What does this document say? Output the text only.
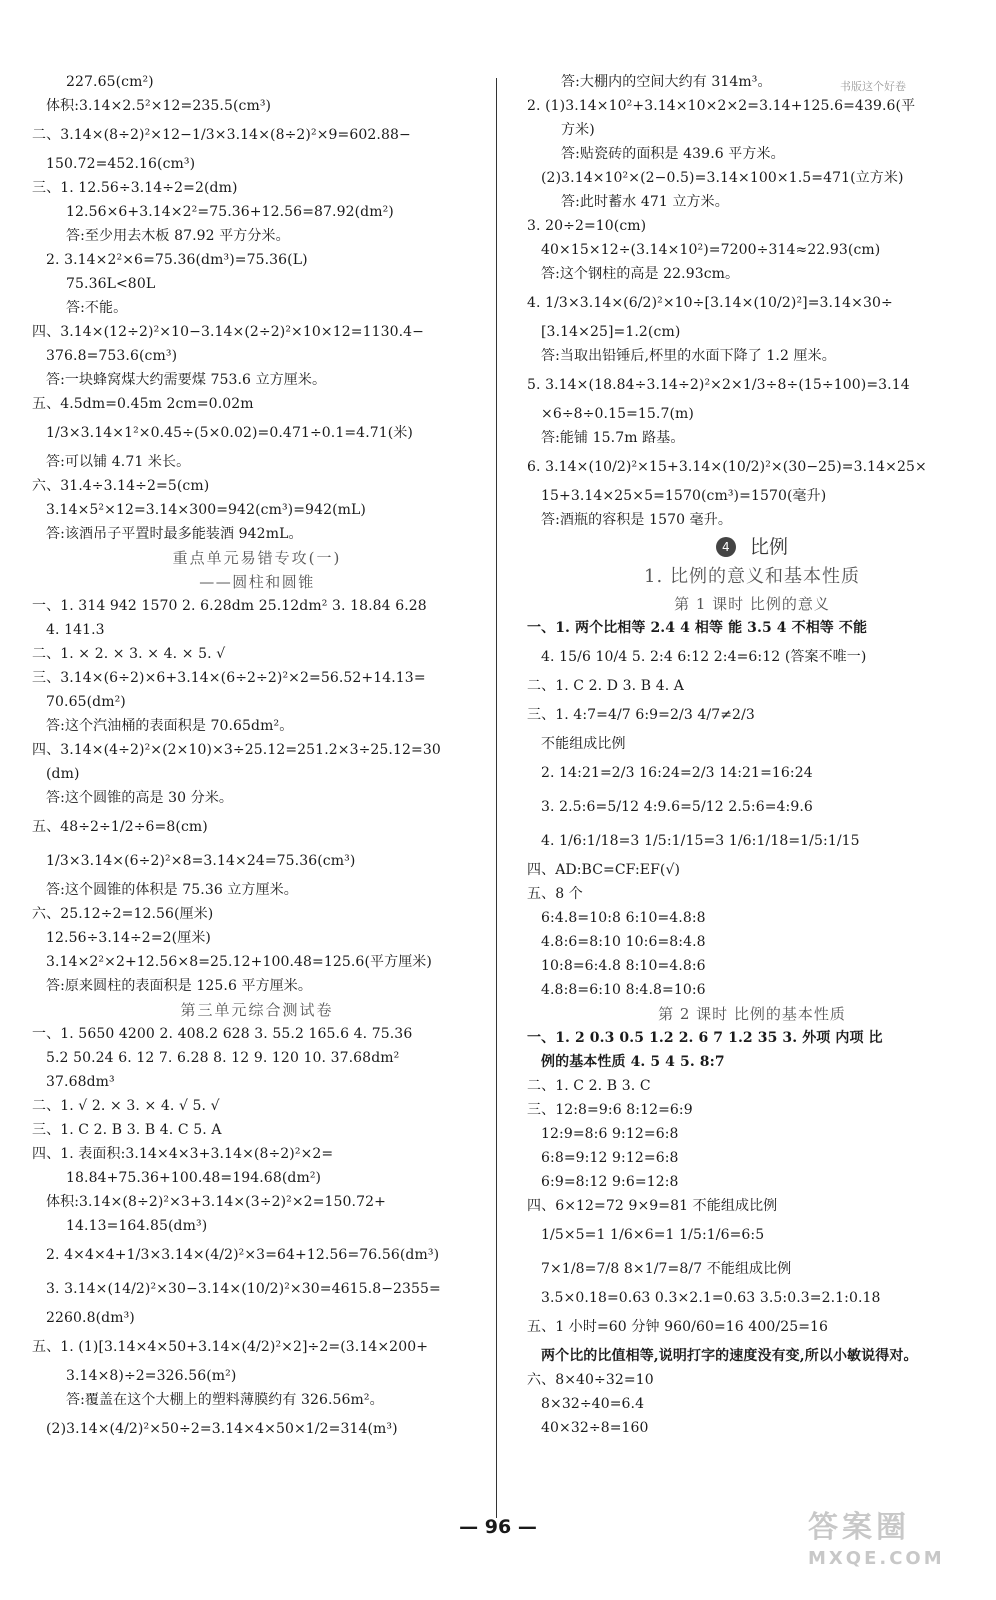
书版这个好卷
227.65(cm²)
体积:3.14×2.5²×12=235.5(cm³)
二、3.14×(8÷2)²×12−1/3×3.14×(8÷2)²×9=602.88−
150.72=452.16(cm³)
三、1. 12.56÷3.14÷2=2(dm)
12.56×6+3.14×2²=75.36+12.56=87.92(dm²)
答:至少用去木板 87.92 平方分米。
2. 3.14×2²×6=75.36(dm³)=75.36(L)
75.36L<80L
答:不能。
四、3.14×(12÷2)²×10−3.14×(2÷2)²×10×12=1130.4−
376.8=753.6(cm³)
答:一块蜂窝煤大约需要煤 753.6 立方厘米。
五、4.5dm=0.45m 2cm=0.02m
1/3×3.14×1²×0.45÷(5×0.02)=0.471÷0.1=4.71(米)
答:可以铺 4.71 米长。
六、31.4÷3.14÷2=5(cm)
3.14×5²×12=3.14×300=942(cm³)=942(mL)
答:该酒吊子平置时最多能装酒 942mL。
重点单元易错专攻(一)
——圆柱和圆锥
一、1. 314 942 1570 2. 6.28dm 25.12dm² 3. 18.84 6.28
4. 141.3
二、1. × 2. × 3. × 4. × 5. √
三、3.14×(6÷2)×6+3.14×(6÷2÷2)²×2=56.52+14.13=
70.65(dm²)
答:这个汽油桶的表面积是 70.65dm²。
四、3.14×(4÷2)²×(2×10)×3÷25.12=251.2×3÷25.12=30
(dm)
答:这个圆锥的高是 30 分米。
五、48÷2÷1/2÷6=8(cm)
1/3×3.14×(6÷2)²×8=3.14×24=75.36(cm³)
答:这个圆锥的体积是 75.36 立方厘米。
六、25.12÷2=12.56(厘米)
12.56÷3.14÷2=2(厘米)
3.14×2²×2+12.56×8=25.12+100.48=125.6(平方厘米)
答:原来圆柱的表面积是 125.6 平方厘米。
第三单元综合测试卷
一、1. 5650 4200 2. 408.2 628 3. 55.2 165.6 4. 75.36
5.2 50.24 6. 12 7. 6.28 8. 12 9. 120 10. 37.68dm²
37.68dm³
二、1. √ 2. × 3. × 4. √ 5. √
三、1. C 2. B 3. B 4. C 5. A
四、1. 表面积:3.14×4×3+3.14×(8÷2)²×2=
18.84+75.36+100.48=194.68(dm²)
体积:3.14×(8÷2)²×3+3.14×(3÷2)²×2=150.72+
14.13=164.85(dm³)
2. 4×4×4+1/3×3.14×(4/2)²×3=64+12.56=76.56(dm³)
3. 3.14×(14/2)²×30−3.14×(10/2)²×30=4615.8−2355=
2260.8(dm³)
五、1. (1)[3.14×4×50+3.14×(4/2)²×2]÷2=(3.14×200+
3.14×8)÷2=326.56(m²)
答:覆盖在这个大棚上的塑料薄膜约有 326.56m²。
(2)3.14×(4/2)²×50÷2=3.14×4×50×1/2=314(m³)
答:大棚内的空间大约有 314m³。
2. (1)3.14×10²+3.14×10×2×2=3.14+125.6=439.6(平
方米)
答:贴瓷砖的面积是 439.6 平方米。
(2)3.14×10²×(2−0.5)=3.14×100×1.5=471(立方米)
答:此时蓄水 471 立方米。
3. 20÷2=10(cm)
40×15×12÷(3.14×10²)=7200÷314≈22.93(cm)
答:这个钢柱的高是 22.93cm。
4. 1/3×3.14×(6/2)²×10÷[3.14×(10/2)²]=3.14×30÷
[3.14×25]=1.2(cm)
答:当取出铅锤后,杯里的水面下降了 1.2 厘米。
5. 3.14×(18.84÷3.14÷2)²×2×1/3÷8÷(15÷100)=3.14
×6÷8÷0.15=15.7(m)
答:能铺 15.7m 路基。
6. 3.14×(10/2)²×15+3.14×(10/2)²×(30−25)=3.14×25×
15+3.14×25×5=1570(cm³)=1570(毫升)
答:酒瓶的容积是 1570 毫升。
4 比例
1. 比例的意义和基本性质
第 1 课时 比例的意义
一、1. 两个比相等 2.4 4 相等 能 3.5 4 不相等 不能
4. 15/6 10/4 5. 2:4 6:12 2:4=6:12 (答案不唯一)
二、1. C 2. D 3. B 4. A
三、1. 4:7=4/7 6:9=2/3 4/7≠2/3
不能组成比例
2. 14:21=2/3 16:24=2/3 14:21=16:24
3. 2.5:6=5/12 4:9.6=5/12 2.5:6=4:9.6
4. 1/6:1/18=3 1/5:1/15=3 1/6:1/18=1/5:1/15
四、AD:BC=CF:EF(√)
五、8 个
6:4.8=10:8 6:10=4.8:8
4.8:6=8:10 10:6=8:4.8
10:8=6:4.8 8:10=4.8:6
4.8:8=6:10 8:4.8=10:6
第 2 课时 比例的基本性质
一、1. 2 0.3 0.5 1.2 2. 6 7 1.2 35 3. 外项 内项 比
例的基本性质 4. 5 4 5. 8:7
二、1. C 2. B 3. C
三、12:8=9:6 8:12=6:9
12:9=8:6 9:12=6:8
6:8=9:12 9:12=6:8
6:9=8:12 9:6=12:8
四、6×12=72 9×9=81 不能组成比例
1/5×5=1 1/6×6=1 1/5:1/6=6:5
7×1/8=7/8 8×1/7=8/7 不能组成比例
3.5×0.18=0.63 0.3×2.1=0.63 3.5:0.3=2.1:0.18
五、1 小时=60 分钟 960/60=16 400/25=16
两个比的比值相等,说明打字的速度没有变,所以小敏说得对。
六、8×40÷32=10
8×32÷40=6.4
40×32÷8=160
— 96 —	答案圈
MXQE.COM
